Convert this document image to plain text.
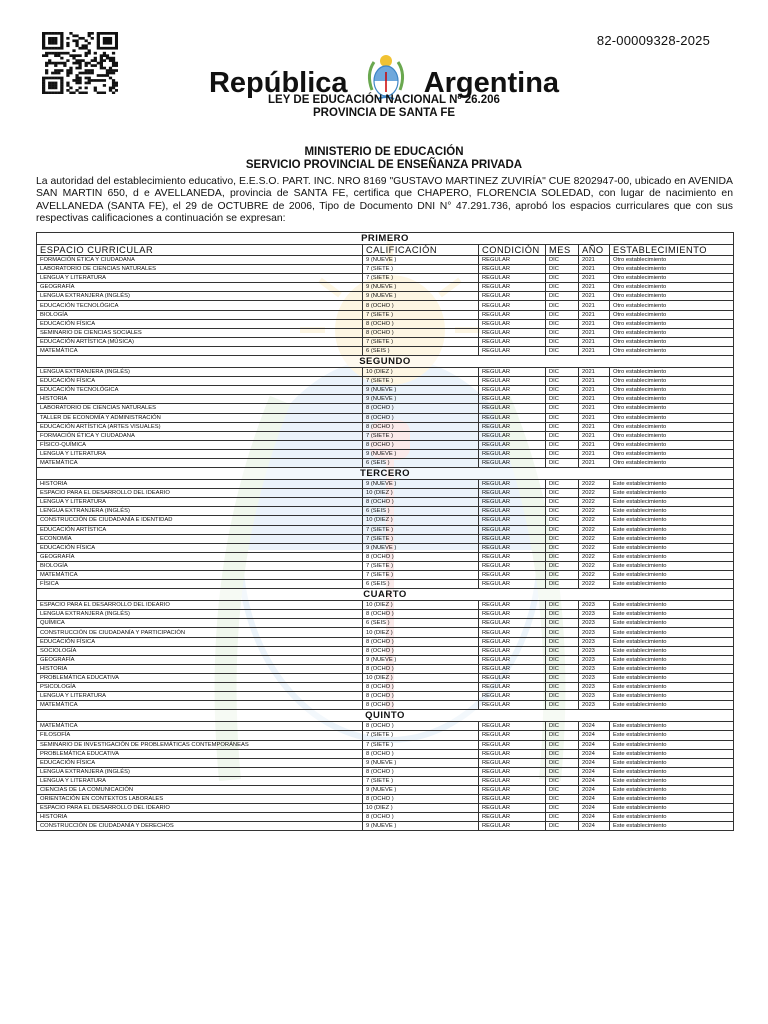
82-00009328-2025
República	Argentina
LEY DE EDUCACIÓN NACIONAL Nº 26.206
PROVINCIA DE SANTA FE
MINISTERIO DE EDUCACIÓN
SERVICIO PROVINCIAL DE ENSEÑANZA PRIVADA
La autoridad del establecimiento educativo, E.E.S.O. PART. INC. NRO 8169 "GUSTAVO MARTINEZ ZUVIRÍA" CUE 8202947-00, ubicado en AVENIDA SAN MARTIN 650, d e AVELLANEDA, provincia de SANTA FE, certifica que CHAPERO, FLORENCIA SOLEDAD, con lugar de nacimiento en AVELLANEDA (SANTA FE), el 29 de OCTUBRE de 2006, Tipo de Documento DNI N° 47.291.736, aprobó los espacios curriculares que con sus respectivas calificaciones a continuación se expresan:
PRIMERO					
ESPACIO CURRICULAR	CALIFICACIÓN	CONDICIÓN	MES	AÑO	ESTABLECIMIENTO
FORMACIÓN ÉTICA Y CIUDADANA	9 (NUEVE )	REGULAR	DIC	2021	Otro establecimiento
LABORATORIO DE CIENCIAS NATURALES	7 (SIETE )	REGULAR	DIC	2021	Otro establecimiento
LENGUA Y LITERATURA	7 (SIETE )	REGULAR	DIC	2021	Otro establecimiento
GEOGRAFÍA	9 (NUEVE )	REGULAR	DIC	2021	Otro establecimiento
LENGUA EXTRANJERA (INGLÉS)	9 (NUEVE )	REGULAR	DIC	2021	Otro establecimiento
EDUCACIÓN TECNOLÓGICA	8 (OCHO )	REGULAR	DIC	2021	Otro establecimiento
BIOLOGÍA	7 (SIETE )	REGULAR	DIC	2021	Otro establecimiento
EDUCACIÓN FÍSICA	8 (OCHO )	REGULAR	DIC	2021	Otro establecimiento
SEMINARIO DE CIENCIAS SOCIALES	8 (OCHO )	REGULAR	DIC	2021	Otro establecimiento
EDUCACIÓN ARTÍSTICA (MÚSICA)	7 (SIETE )	REGULAR	DIC	2021	Otro establecimiento
MATEMÁTICA	6 (SEIS )	REGULAR	DIC	2021	Otro establecimiento
SEGUNDO					
LENGUA EXTRANJERA (INGLÉS)	10 (DIEZ )	REGULAR	DIC	2021	Otro establecimiento
EDUCACIÓN FÍSICA	7 (SIETE )	REGULAR	DIC	2021	Otro establecimiento
EDUCACIÓN TECNOLÓGICA	9 (NUEVE )	REGULAR	DIC	2021	Otro establecimiento
HISTORIA	9 (NUEVE )	REGULAR	DIC	2021	Otro establecimiento
LABORATORIO DE CIENCIAS NATURALES	8 (OCHO )	REGULAR	DIC	2021	Otro establecimiento
TALLER DE ECONOMÍA Y ADMINISTRACIÓN	8 (OCHO )	REGULAR	DIC	2021	Otro establecimiento
EDUCACIÓN ARTÍSTICA (ARTES VISUALES)	8 (OCHO )	REGULAR	DIC	2021	Otro establecimiento
FORMACIÓN ÉTICA Y CIUDADANA	7 (SIETE )	REGULAR	DIC	2021	Otro establecimiento
FÍSICO-QUÍMICA	8 (OCHO )	REGULAR	DIC	2021	Otro establecimiento
LENGUA Y LITERATURA	9 (NUEVE )	REGULAR	DIC	2021	Otro establecimiento
MATEMÁTICA	6 (SEIS )	REGULAR	DIC	2021	Otro establecimiento
TERCERO					
HISTORIA	9 (NUEVE )	REGULAR	DIC	2022	Este establecimiento
ESPACIO PARA EL DESARROLLO DEL IDEARIO	10 (DIEZ )	REGULAR	DIC	2022	Este establecimiento
LENGUA Y LITERATURA	8 (OCHO )	REGULAR	DIC	2022	Este establecimiento
LENGUA EXTRANJERA (INGLÉS)	6 (SEIS )	REGULAR	DIC	2022	Este establecimiento
CONSTRUCCIÓN DE CIUDADANÍA E IDENTIDAD	10 (DIEZ )	REGULAR	DIC	2022	Este establecimiento
EDUCACIÓN ARTÍSTICA	7 (SIETE )	REGULAR	DIC	2022	Este establecimiento
ECONOMÍA	7 (SIETE )	REGULAR	DIC	2022	Este establecimiento
EDUCACIÓN FÍSICA	9 (NUEVE )	REGULAR	DIC	2022	Este establecimiento
GEOGRAFÍA	8 (OCHO )	REGULAR	DIC	2022	Este establecimiento
BIOLOGÍA	7 (SIETE )	REGULAR	DIC	2022	Este establecimiento
MATEMÁTICA	7 (SIETE )	REGULAR	DIC	2022	Este establecimiento
FÍSICA	6 (SEIS )	REGULAR	DIC	2022	Este establecimiento
CUARTO					
ESPACIO PARA EL DESARROLLO DEL IDEARIO	10 (DIEZ )	REGULAR	DIC	2023	Este establecimiento
LENGUA EXTRANJERA (INGLÉS)	8 (OCHO )	REGULAR	DIC	2023	Este establecimiento
QUÍMICA	6 (SEIS )	REGULAR	DIC	2023	Este establecimiento
CONSTRUCCIÓN DE CIUDADANÍA Y PARTICIPACIÓN	10 (DIEZ )	REGULAR	DIC	2023	Este establecimiento
EDUCACIÓN FÍSICA	8 (OCHO )	REGULAR	DIC	2023	Este establecimiento
SOCIOLOGÍA	8 (OCHO )	REGULAR	DIC	2023	Este establecimiento
GEOGRAFÍA	9 (NUEVE )	REGULAR	DIC	2023	Este establecimiento
HISTORIA	8 (OCHO )	REGULAR	DIC	2023	Este establecimiento
PROBLEMÁTICA EDUCATIVA	10 (DIEZ )	REGULAR	DIC	2023	Este establecimiento
PSICOLOGÍA	8 (OCHO )	REGULAR	DIC	2023	Este establecimiento
LENGUA Y LITERATURA	8 (OCHO )	REGULAR	DIC	2023	Este establecimiento
MATEMÁTICA	8 (OCHO )	REGULAR	DIC	2023	Este establecimiento
QUINTO					
MATEMÁTICA	8 (OCHO )	REGULAR	DIC	2024	Este establecimiento
FILOSOFÍA	7 (SIETE )	REGULAR	DIC	2024	Este establecimiento
SEMINARIO DE INVESTIGACIÓN DE PROBLEMÁTICAS CONTEMPORÁNEAS	7 (SIETE )	REGULAR	DIC	2024	Este establecimiento
PROBLEMÁTICA EDUCATIVA	8 (OCHO )	REGULAR	DIC	2024	Este establecimiento
EDUCACIÓN FÍSICA	9 (NUEVE )	REGULAR	DIC	2024	Este establecimiento
LENGUA EXTRANJERA (INGLÉS)	8 (OCHO )	REGULAR	DIC	2024	Este establecimiento
LENGUA Y LITERATURA	7 (SIETE )	REGULAR	DIC	2024	Este establecimiento
CIENCIAS DE LA COMUNICACIÓN	9 (NUEVE )	REGULAR	DIC	2024	Este establecimiento
ORIENTACIÓN EN CONTEXTOS LABORALES	8 (OCHO )	REGULAR	DIC	2024	Este establecimiento
ESPACIO PARA EL DESARROLLO DEL IDEARIO	10 (DIEZ )	REGULAR	DIC	2024	Este establecimiento
HISTORIA	8 (OCHO )	REGULAR	DIC	2024	Este establecimiento
CONSTRUCCIÓN DE CIUDADANÍA Y DERECHOS	9 (NUEVE )	REGULAR	DIC	2024	Este establecimiento
